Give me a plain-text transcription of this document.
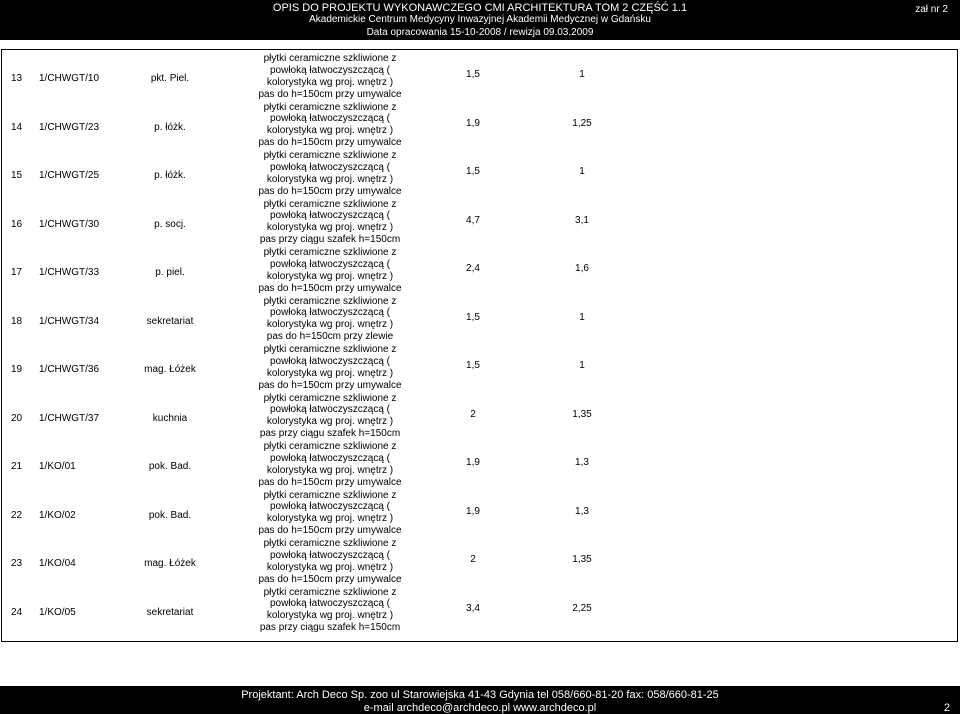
OPIS DO PROJEKTU WYKONAWCZEGO CMI ARCHITEKTURA TOM 2 CZĘŚĆ 1.1
Akademickie Centrum Medycyny Inwazyjnej Akademii Medycznej w Gdańsku
Data opracowania 15-10-2008 / rewizja 09.03.2009
zał nr 2
13 1/CHWGT/10	pkt. Piel.
płytki ceramiczne szkliwione z
powłoką łatwoczyszczącą (
kolorystyka wg proj. wnętrz )
pas do h=150cm przy umywalce
1,5	1
14 1/CHWGT/23	p. łóżk.
płytki ceramiczne szkliwione z
powłoką łatwoczyszczącą (
kolorystyka wg proj. wnętrz )
pas do h=150cm przy umywalce
1,9	1,25
15 1/CHWGT/25	p. łóżk.
płytki ceramiczne szkliwione z
powłoką łatwoczyszczącą (
kolorystyka wg proj. wnętrz )
pas do h=150cm przy umywalce
1,5	1
16 1/CHWGT/30	p. socj.
płytki ceramiczne szkliwione z
powłoką łatwoczyszczącą (
kolorystyka wg proj. wnętrz )
pas przy ciągu szafek h=150cm
4,7	3,1
17 1/CHWGT/33	p. piel.
płytki ceramiczne szkliwione z
powłoką łatwoczyszczącą (
kolorystyka wg proj. wnętrz )
pas do h=150cm przy umywalce
2,4	1,6
18 1/CHWGT/34	sekretariat
płytki ceramiczne szkliwione z
powłoką łatwoczyszczącą (
kolorystyka wg proj. wnętrz )
pas do h=150cm przy zlewie
1,5	1
19 1/CHWGT/36	mag. Łóżek
płytki ceramiczne szkliwione z
powłoką łatwoczyszczącą (
kolorystyka wg proj. wnętrz )
pas do h=150cm przy umywalce
1,5	1
20 1/CHWGT/37	kuchnia
płytki ceramiczne szkliwione z
powłoką łatwoczyszczącą (
kolorystyka wg proj. wnętrz )
pas przy ciągu szafek h=150cm
2	1,35
21 1/KO/01	pok. Bad.
płytki ceramiczne szkliwione z
powłoką łatwoczyszczącą (
kolorystyka wg proj. wnętrz )
pas do h=150cm przy umywalce
1,9	1,3
22 1/KO/02	pok. Bad.
płytki ceramiczne szkliwione z
powłoką łatwoczyszczącą (
kolorystyka wg proj. wnętrz )
pas do h=150cm przy umywalce
1,9	1,3
23 1/KO/04	mag. Łóżek
płytki ceramiczne szkliwione z
powłoką łatwoczyszczącą (
kolorystyka wg proj. wnętrz )
pas do h=150cm przy umywalce
2	1,35
24 1/KO/05	sekretariat
płytki ceramiczne szkliwione z
powłoką łatwoczyszczącą (
kolorystyka wg proj. wnętrz )
pas przy ciągu szafek h=150cm
3,4	2,25
Projektant: Arch Deco Sp. zoo ul Starowiejska 41-43 Gdynia tel 058/660-81-20 fax: 058/660-81-25
e-mail archdeco@archdeco.pl www.archdeco.pl	2
